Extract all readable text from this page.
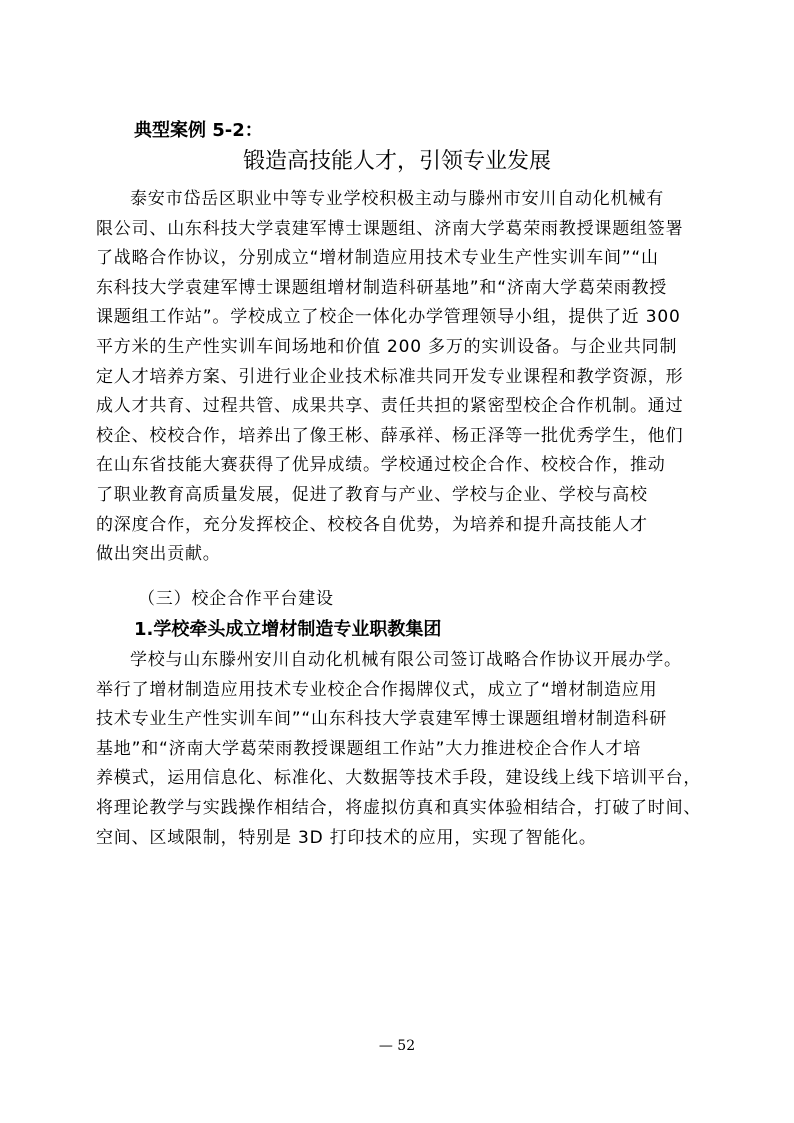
典型案例 5-2：
锻造高技能人才，引领专业发展
泰安市岱岳区职业中等专业学校积极主动与滕州市安川自动化机械有
限公司、山东科技大学袁建军博士课题组、济南大学葛荣雨教授课题组签署
了战略合作协议，分别成立“增材制造应用技术专业生产性实训车间”“山
东科技大学袁建军博士课题组增材制造科研基地”和“济南大学葛荣雨教授
课题组工作站”。学校成立了校企一体化办学管理领导小组，提供了近 300
平方米的生产性实训车间场地和价值 200 多万的实训设备。与企业共同制
定人才培养方案、引进行业企业技术标准共同开发专业课程和教学资源，形
成人才共育、过程共管、成果共享、责任共担的紧密型校企合作机制。通过
校企、校校合作，培养出了像王彬、薛承祥、杨正泽等一批优秀学生，他们
在山东省技能大赛获得了优异成绩。学校通过校企合作、校校合作，推动
了职业教育高质量发展，促进了教育与产业、学校与企业、学校与高校
的深度合作，充分发挥校企、校校各自优势，为培养和提升高技能人才
做出突出贡献。
（三）校企合作平台建设
1.学校牵头成立增材制造专业职教集团
学校与山东滕州安川自动化机械有限公司签订战略合作协议开展办学。
举行了增材制造应用技术专业校企合作揭牌仪式，成立了“增材制造应用
技术专业生产性实训车间”“山东科技大学袁建军博士课题组增材制造科研
基地”和“济南大学葛荣雨教授课题组工作站”大力推进校企合作人才培
养模式，运用信息化、标准化、大数据等技术手段，建设线上线下培训平台，
将理论教学与实践操作相结合，将虚拟仿真和真实体验相结合，打破了时间、
空间、区域限制，特别是 3D 打印技术的应用，实现了智能化。
— 52
